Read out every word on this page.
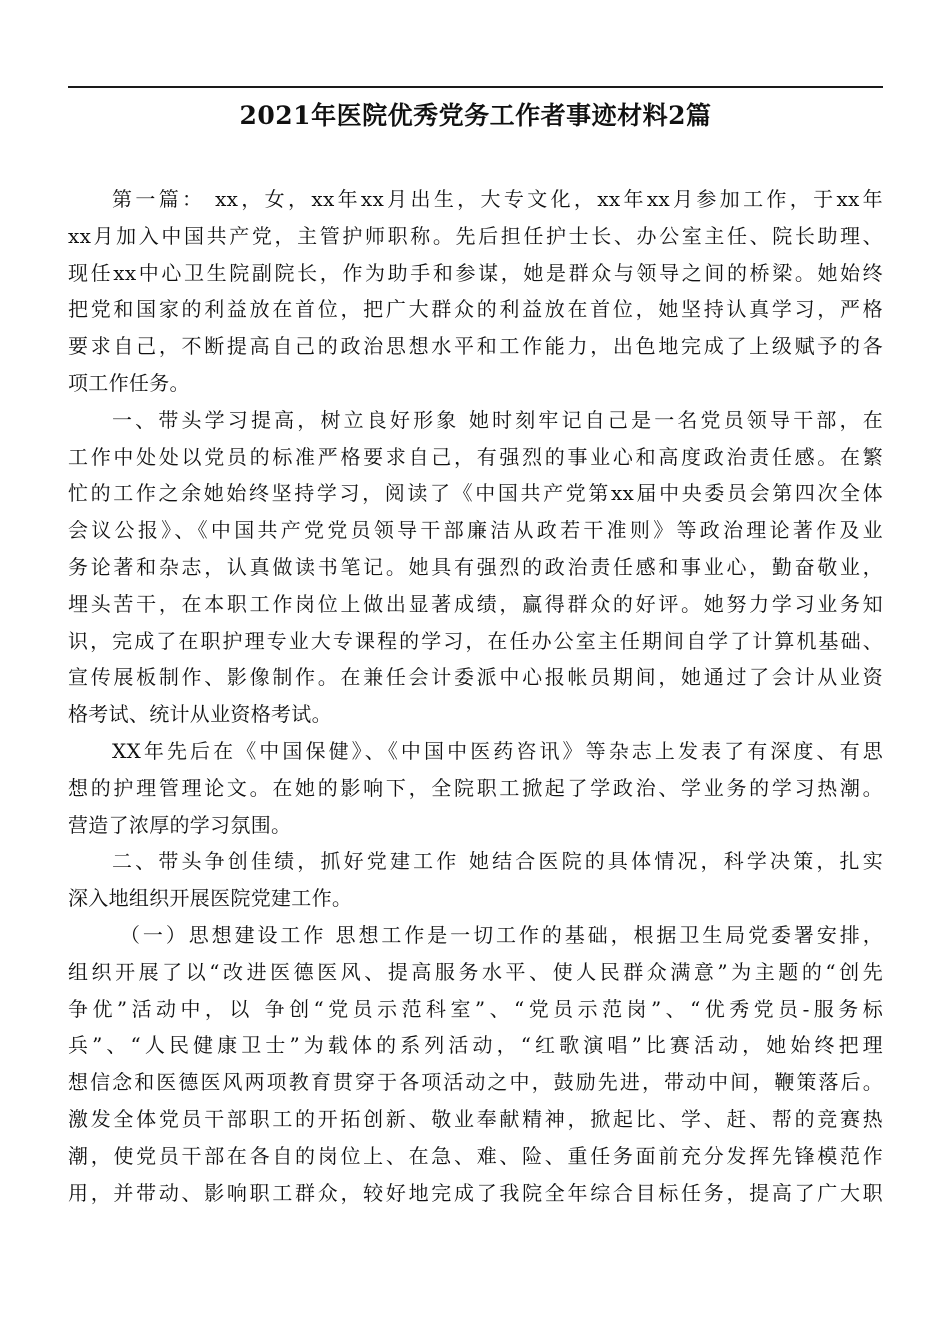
2021年医院优秀党务工作者事迹材料2篇
第一篇： xx，女，xx年xx月出生，大专文化，xx年xx月参加工作，于xx年
xx月加入中国共产党，主管护师职称。先后担任护士长、办公室主任、院长助理、
现任xx中心卫生院副院长，作为助手和参谋，她是群众与领导之间的桥梁。她始终
把党和国家的利益放在首位，把广大群众的利益放在首位，她坚持认真学习，严格
要求自己，不断提高自己的政治思想水平和工作能力，出色地完成了上级赋予的各
项工作任务。
一、带头学习提高，树立良好形象 她时刻牢记自己是一名党员领导干部，在
工作中处处以党员的标准严格要求自己，有强烈的事业心和高度政治责任感。在繁
忙的工作之余她始终坚持学习，阅读了《中国共产党第xx届中央委员会第四次全体
会议公报》、《中国共产党党员领导干部廉洁从政若干准则》等政治理论著作及业
务论著和杂志，认真做读书笔记。她具有强烈的政治责任感和事业心，勤奋敬业，
埋头苦干，在本职工作岗位上做出显著成绩，赢得群众的好评。她努力学习业务知
识，完成了在职护理专业大专课程的学习，在任办公室主任期间自学了计算机基础、
宣传展板制作、影像制作。在兼任会计委派中心报帐员期间，她通过了会计从业资
格考试、统计从业资格考试。
XX年先后在《中国保健》、《中国中医药咨讯》等杂志上发表了有深度、有思
想的护理管理论文。在她的影响下，全院职工掀起了学政治、学业务的学习热潮。
营造了浓厚的学习氛围。
二、带头争创佳绩，抓好党建工作 她结合医院的具体情况，科学决策，扎实
深入地组织开展医院党建工作。
（一）思想建设工作 思想工作是一切工作的基础，根据卫生局党委署安排，
组织开展了以“改进医德医风、提高服务水平、使人民群众满意”为主题的“创先
争优”活动中，以 争创“党员示范科室”、“党员示范岗”、“优秀党员-服务标
兵”、“人民健康卫士”为载体的系列活动，“红歌演唱”比赛活动，她始终把理
想信念和医德医风两项教育贯穿于各项活动之中，鼓励先进，带动中间，鞭策落后。
激发全体党员干部职工的开拓创新、敬业奉献精神，掀起比、学、赶、帮的竞赛热
潮，使党员干部在各自的岗位上、在急、难、险、重任务面前充分发挥先锋模范作
用，并带动、影响职工群众，较好地完成了我院全年综合目标任务，提高了广大职
